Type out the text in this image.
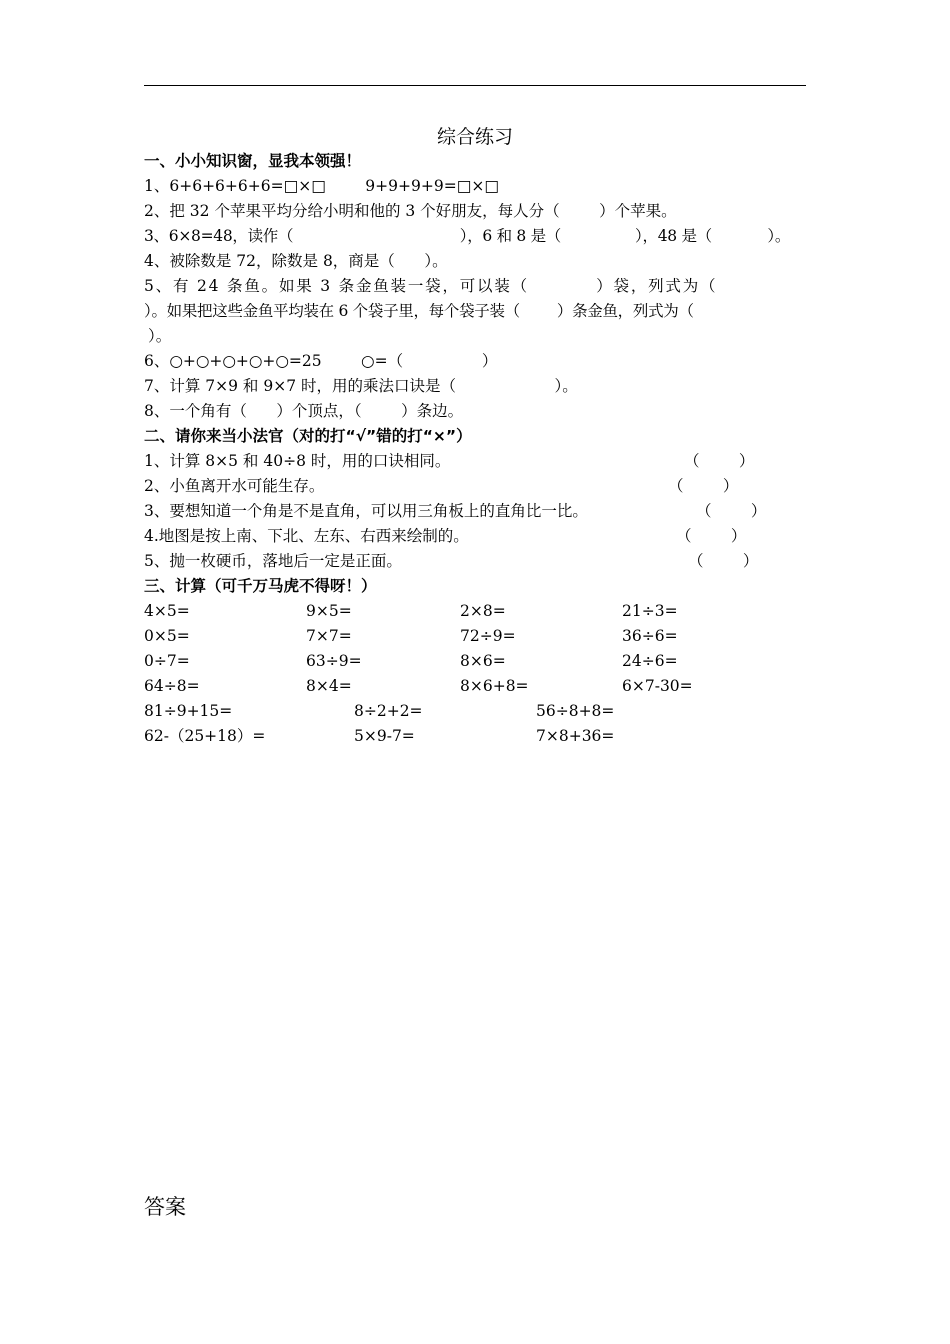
综合练习
一、小小知识窗，显我本领强！
1、6+6+6+6+6=□×□        9+9+9+9=□×□
2、把 32 个苹果平均分给小明和他的 3 个好朋友，每人分（        ）个苹果。
3、6×8=48，读作（                                    ），6 和 8 是（                ），48 是（            ）。
4、被除数是 72，除数是 8，商是（      ）。
5、有 24 条鱼。如果 3 条金鱼装一袋，可以装（          ）袋，列式为（
）。如果把这些金鱼平均装在 6 个袋子里，每个袋子装（        ）条金鱼，列式为（
）。
6、○+○+○+○+○=25        ○=（                ）
7、计算 7×9 和 9×7 时，用的乘法口诀是（                    ）。
8、一个角有（      ）个顶点，（        ）条边。
二、请你来当小法官（对的打“√”错的打“×”）
1、计算 8×5 和 40÷8 时，用的口诀相同。	（        ）
2、小鱼离开水可能生存。	（        ）
3、要想知道一个角是不是直角，可以用三角板上的直角比一比。	（        ）
4.地图是按上南、下北、左东、右西来绘制的。	（        ）
5、抛一枚硬币，落地后一定是正面。	（        ）
三、计算（可千万马虎不得呀！）
4×5=	9×5=	2×8=	21÷3=
0×5=	7×7=	72÷9=	36÷6=
0÷7=	63÷9=	8×6=	24÷6=
64÷8=	8×4=	8×6+8=	6×7-30=
81÷9+15=	8÷2+2=	56÷8+8=
62-（25+18）=	5×9-7=	7×8+36=
答案
